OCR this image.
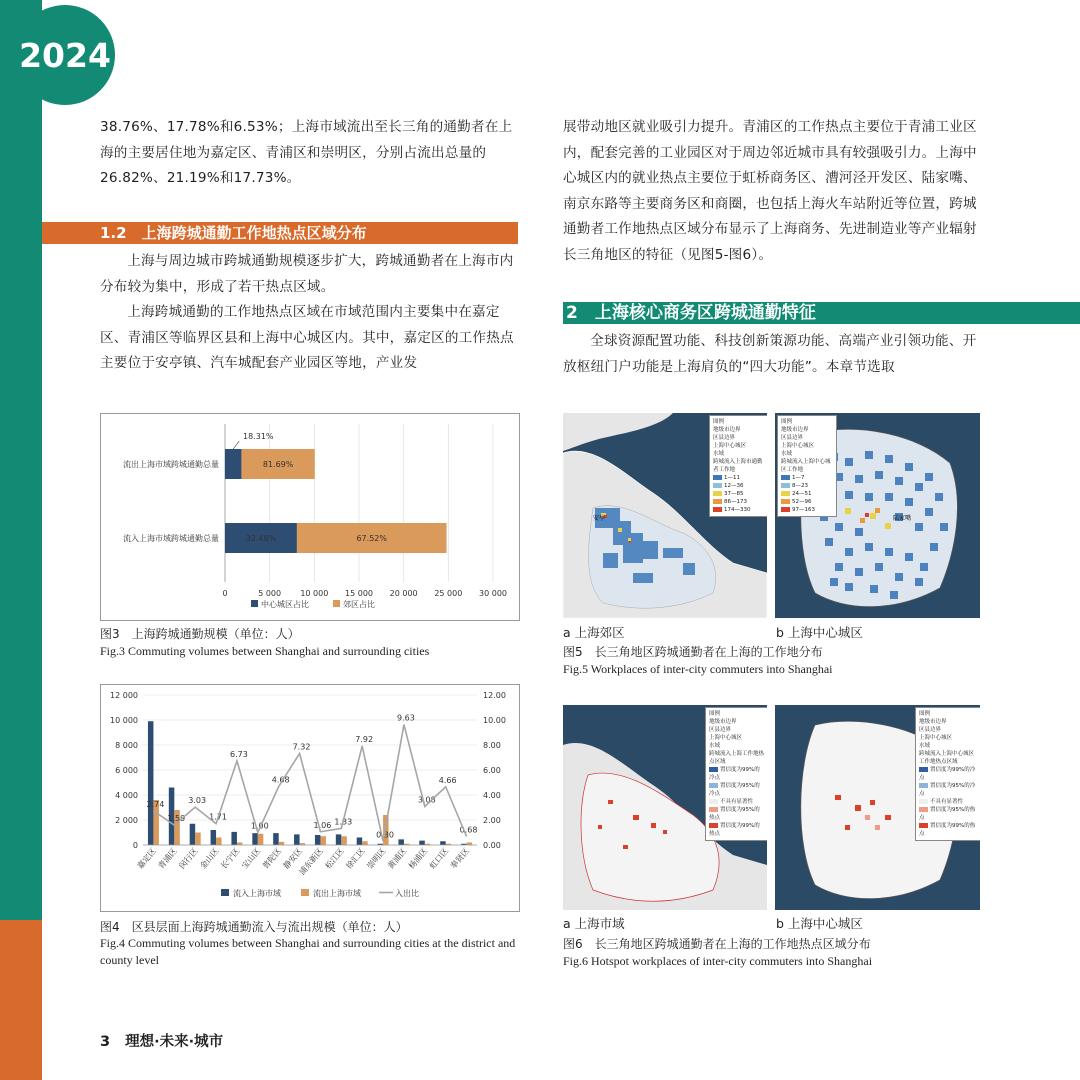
2024

38.76%、17.78%和6.53%；上海市域流出至长三角的通勤者在上海的主要居住地为嘉定区、青浦区和崇明区，分别占流出总量的26.82%、21.19%和17.73%。

1.2　上海跨城通勤工作地热点区域分布

上海与周边城市跨城通勤规模逐步扩大，跨城通勤者在上海市内分布较为集中，形成了若干热点区域。

上海跨城通勤的工作地热点区域在市域范围内主要集中在嘉定区、青浦区等临界区县和上海中心城区内。其中，嘉定区的工作热点主要位于安亭镇、汽车城配套产业园区等地，产业发

展带动地区就业吸引力提升。青浦区的工作热点主要位于青浦工业区内，配套完善的工业园区对于周边邻近城市具有较强吸引力。上海中心城区内的就业热点主要位于虹桥商务区、漕河泾开发区、陆家嘴、南京东路等主要商务区和商圈，也包括上海火车站附近等位置，跨城通勤者工作地热点区域分布显示了上海商务、先进制造业等产业辐射长三角地区的特征（见图5-图6）。

2　上海核心商务区跨城通勤特征

全球资源配置功能、科技创新策源功能、高端产业引领功能、开放枢纽门户功能是上海肩负的“四大功能”。本章节选取

0	5 000 10 000 15 000 20 000 25 000 30 000
流出上海市域跨城通勤总量
18.31%
81.69%
流入上海市域跨城通勤总量	32.48%	67.52%
中心城区占比	郊区占比
图3　上海跨城通勤规模（单位：人）
Fig.3 Commuting volumes between Shanghai and surrounding cities
0	0.00
2 000	2.00
4 000	4.00
6 000	6.00
8 000	8.00
10 000	10.00
12 000	12.00
2.74
嘉定区
1.59
青浦区
3.03
闵行区
1.71
金山区
6.73
长宁区
1.00
宝山区
4.68
普陀区
7.32
静安区
1.06
浦东新区
1.33
松江区
7.92
徐汇区
0.30
崇明区
9.63
黄浦区
3.08
杨浦区
4.66
虹口区
0.68
奉贤区
流入上海市域	流出上海市域	入出比
图4　区县层面上海跨城通勤流入与流出规模（单位：人）
Fig.4 Commuting volumes between Shanghai and surrounding cities at the district and county level
图例
地级市边界
区县边界
上海中心城区
水域
跨城流入上海市通勤者工作地
1—11
12—36
37—85
86—173
174—330
安亭
图例
地级市边界
区县边界
上海中心城区
水域
跨城流入上海中心城区工作地
1—7
8—23
24—51
52—96
97—163
陆家嘴
a 上海郊区	b 上海中心城区
图5　长三角地区跨城通勤者在上海的工作地分布
Fig.5 Workplaces of inter-city commuters into Shanghai
图例
地级市边界
区县边界
上海中心城区
水域
跨城流入上海工作地热点区域
置信度为99%的冷点
置信度为95%的冷点
不具有显著性
置信度为95%的热点
置信度为99%的热点
图例
地级市边界
区县边界
上海中心城区
水域
跨城流入上海中心城区工作地热点区域
置信度为99%的冷点
置信度为95%的冷点
不具有显著性
置信度为95%的热点
置信度为99%的热点
a 上海市域	b 上海中心城区
图6　长三角地区跨城通勤者在上海的工作地热点区域分布
Fig.6 Hotspot workplaces of inter-city commuters into Shanghai
3 理想·未来·城市
